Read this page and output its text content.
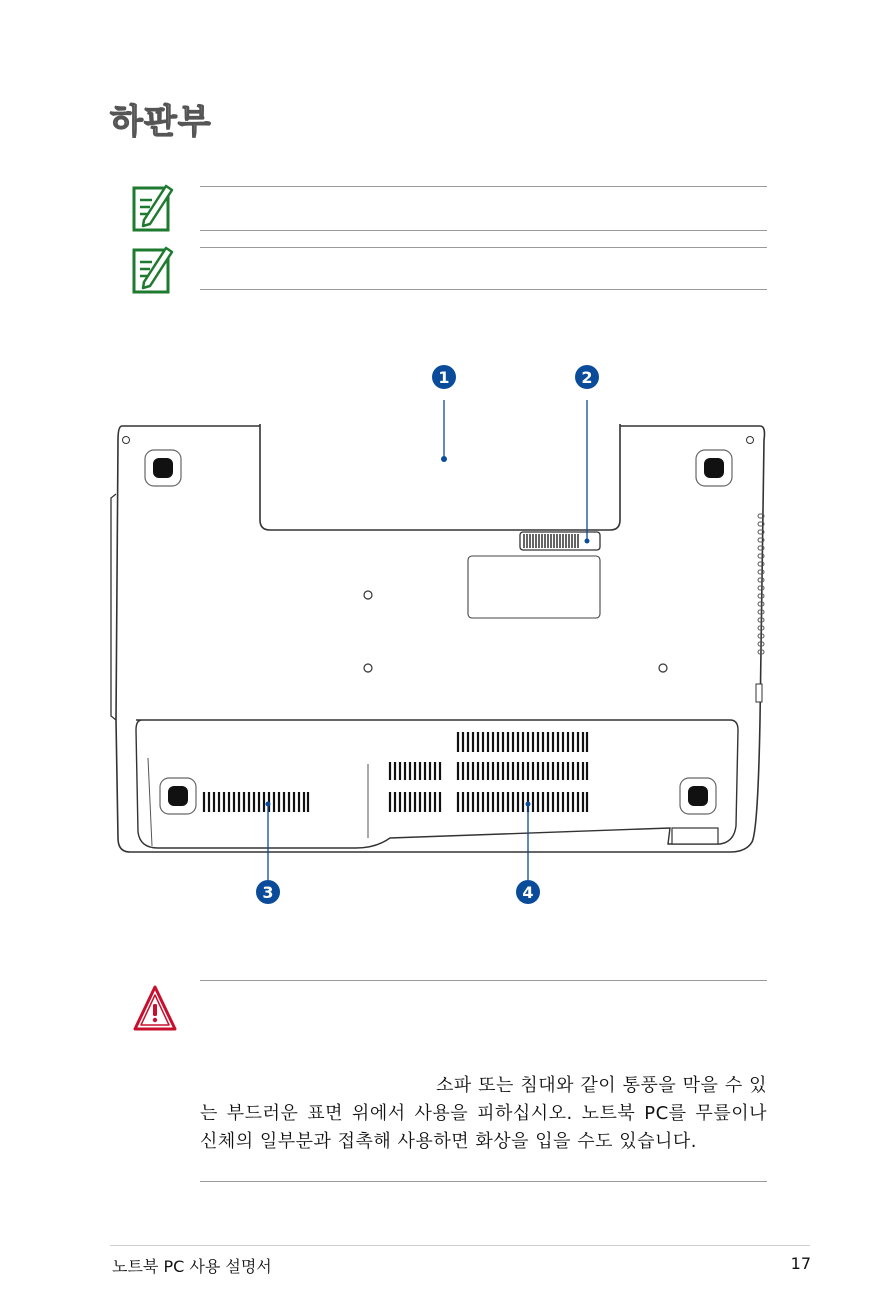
하판부
1	2
3	4
소파 또는 침대와 같이 통풍을 막을 수 있는 부드러운 표면 위에서 사용을 피하십시오. 노트북 PC를 무릎이나 신체의 일부분과 접촉해 사용하면 화상을 입을 수도 있습니다.
노트북 PC 사용 설명서	17
